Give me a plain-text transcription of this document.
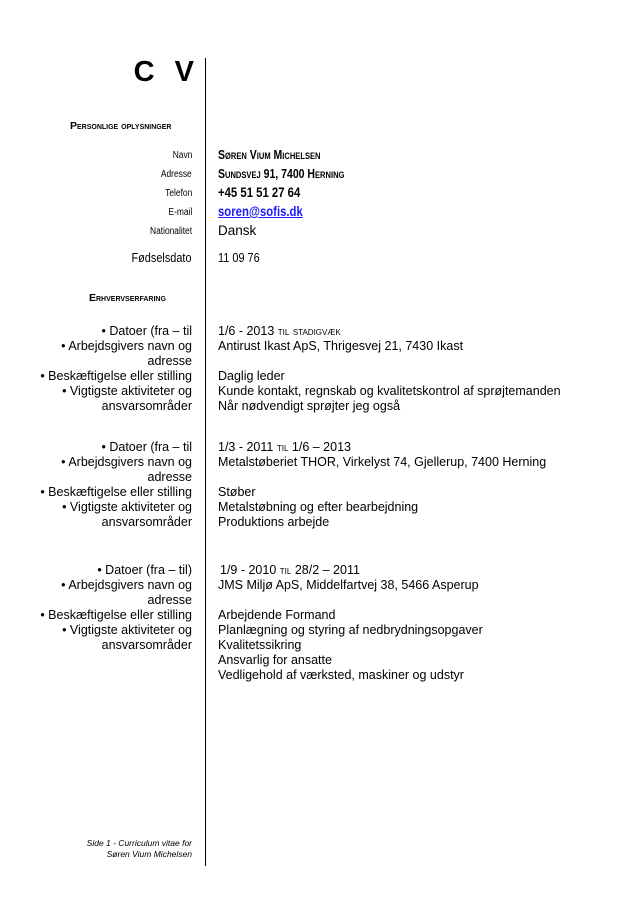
C V
Personlige oplysninger
Navn Søren Vium Michelsen
Adresse Sundsvej 91, 7400 Herning
Telefon +45 51 51 27 64
E-mail soren@sofis.dk
Nationalitet Dansk
Fødselsdato 11 09 76
Erhvervserfaring
• Datoer (fra – til
• Arbejdsgivers navn og adresse
• Beskæftigelse eller stilling
• Vigtigste aktiviteter og ansvarsområder
1/6 - 2013 til stadigvæk
Antirust Ikast ApS, Thrigesvej 21, 7430 Ikast
Daglig leder
Kunde kontakt, regnskab og kvalitetskontrol af sprøjtemanden
Når nødvendigt sprøjter jeg også
• Datoer (fra – til
• Arbejdsgivers navn og adresse
• Beskæftigelse eller stilling
• Vigtigste aktiviteter og ansvarsområder
1/3 - 2011 til 1/6 – 2013
Metalstøberiet THOR, Virkelyst 74, Gjellerup, 7400 Herning
Støber
Metalstøbning og efter bearbejdning
Produktions arbejde
• Datoer (fra – til)
• Arbejdsgivers navn og adresse
• Beskæftigelse eller stilling
• Vigtigste aktiviteter og ansvarsområder
1/9 - 2010 til 28/2 – 2011
JMS Miljø ApS, Middelfartvej 38, 5466 Asperup
Arbejdende Formand
Planlægning og styring af nedbrydningsopgaver
Kvalitetssikring
Ansvarlig for ansatte
Vedligehold af værksted, maskiner og udstyr
Side 1 - Curriculum vitae for
Søren Vium Michelsen
